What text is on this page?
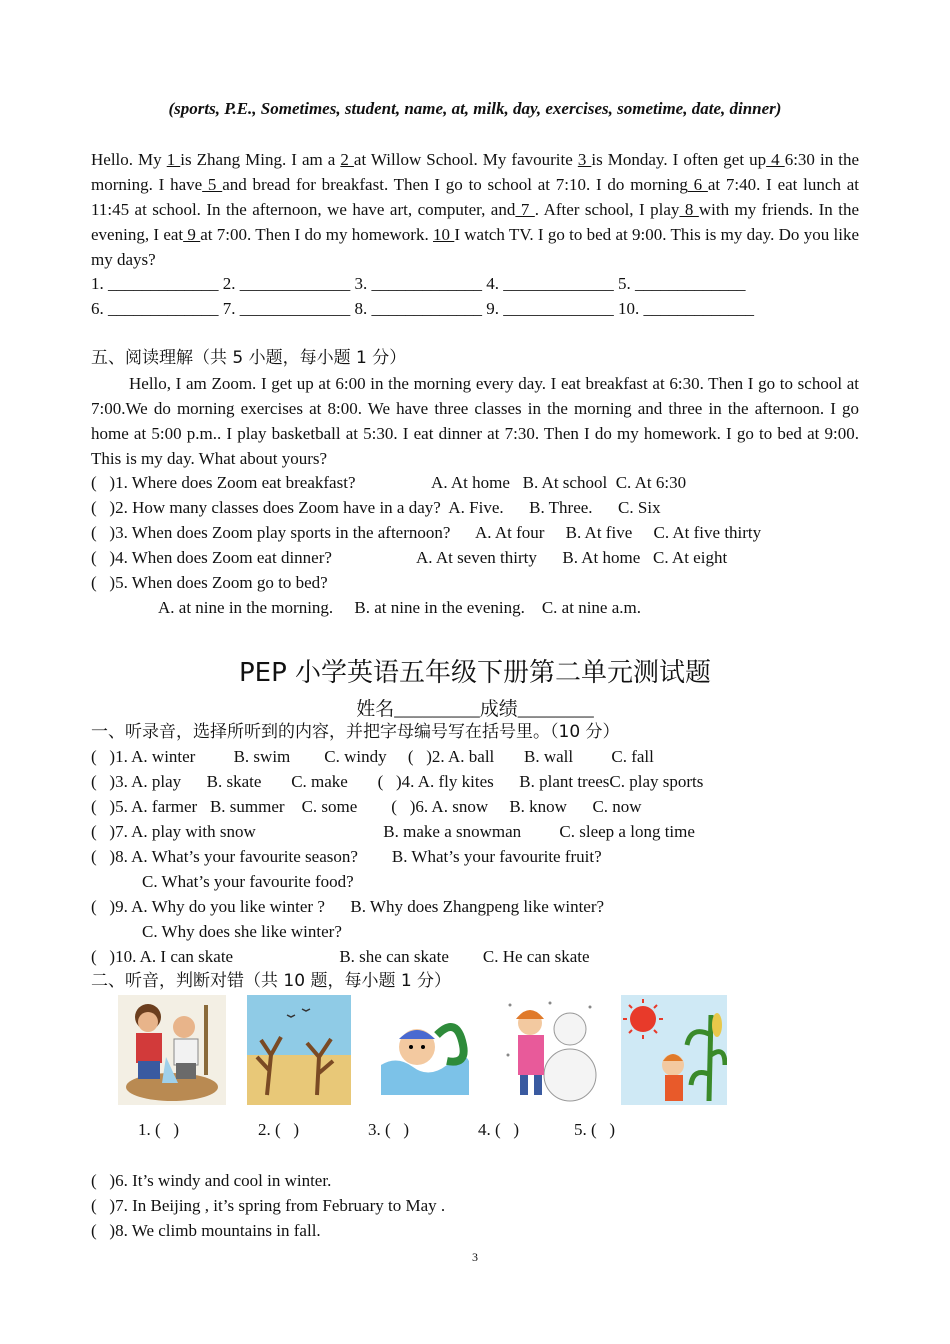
(sports, P.E., Sometimes, student, name, at, milk, day, exercises, sometime, date, dinner)
Hello. My 1 is Zhang Ming. I am a 2 at Willow School. My favourite 3 is Monday. I often get up 4 6:30 in the morning. I have 5 and bread for breakfast. Then I go to school at 7:10. I do morning 6 at 7:40. I eat lunch at 11:45 at school. In the afternoon, we have art, computer, and 7 . After school, I play 8 with my friends. In the evening, I eat 9 at 7:00. Then I do my homework. 10 I watch TV. I go to bed at 9:00. This is my day. Do you like my days?
1. _____________ 2. _____________ 3. _____________ 4. _____________ 5. _____________
6. _____________ 7. _____________ 8. _____________ 9. _____________ 10. _____________
五、阅读理解（共 5 小题，每小题 1 分）
Hello, I am Zoom. I get up at 6:00 in the morning every day. I eat breakfast at 6:30. Then I go to school at 7:00.We do morning exercises at 8:00. We have three classes in the morning and three in the afternoon. I go home at 5:00 p.m.. I play basketball at 5:30. I eat dinner at 7:30. Then I do my homework. I go to bed at 9:00. This is my day. What about yours?
(   )1. Where does Zoom eat breakfast?                  A. At home   B. At school  C. At 6:30
(   )2. How many classes does Zoom have in a day?  A. Five.      B. Three.      C. Six
(   )3. When does Zoom play sports in the afternoon?      A. At four     B. At five     C. At five thirty
(   )4. When does Zoom eat dinner?                    A. At seven thirty      B. At home   C. At eight
(   )5. When does Zoom go to bed?
A. at nine in the morning.     B. at nine in the evening.    C. at nine a.m.
PEP 小学英语五年级下册第二单元测试题
姓名_________成绩________
一、听录音，选择所听到的内容，并把字母编号写在括号里。（10 分）
(   )1. A. winter         B. swim        C. windy     (   )2. A. ball       B. wall         C. fall
(   )3. A. play      B. skate       C. make       (   )4. A. fly kites      B. plant treesC. play sports
(   )5. A. farmer   B. summer    C. some        (   )6. A. snow     B. know      C. now
(   )7. A. play with snow                              B. make a snowman         C. sleep a long time
(   )8. A. What’s your favourite season?        B. What’s your favourite fruit?
C. What’s your favourite food?
(   )9. A. Why do you like winter ?      B. Why does Zhangpeng like winter?
C. Why does she like winter?
(   )10. A. I can skate                         B. she can skate        C. He can skate
二、听音，判断对错（共 10 题，每小题 1 分）
1. (   )	2. (   )	3. (   )	4. (   )	5. (   )
(   )6. It’s windy and cool in winter.
(   )7. In Beijing , it’s spring from February to May .
(   )8. We climb mountains in fall.
3
